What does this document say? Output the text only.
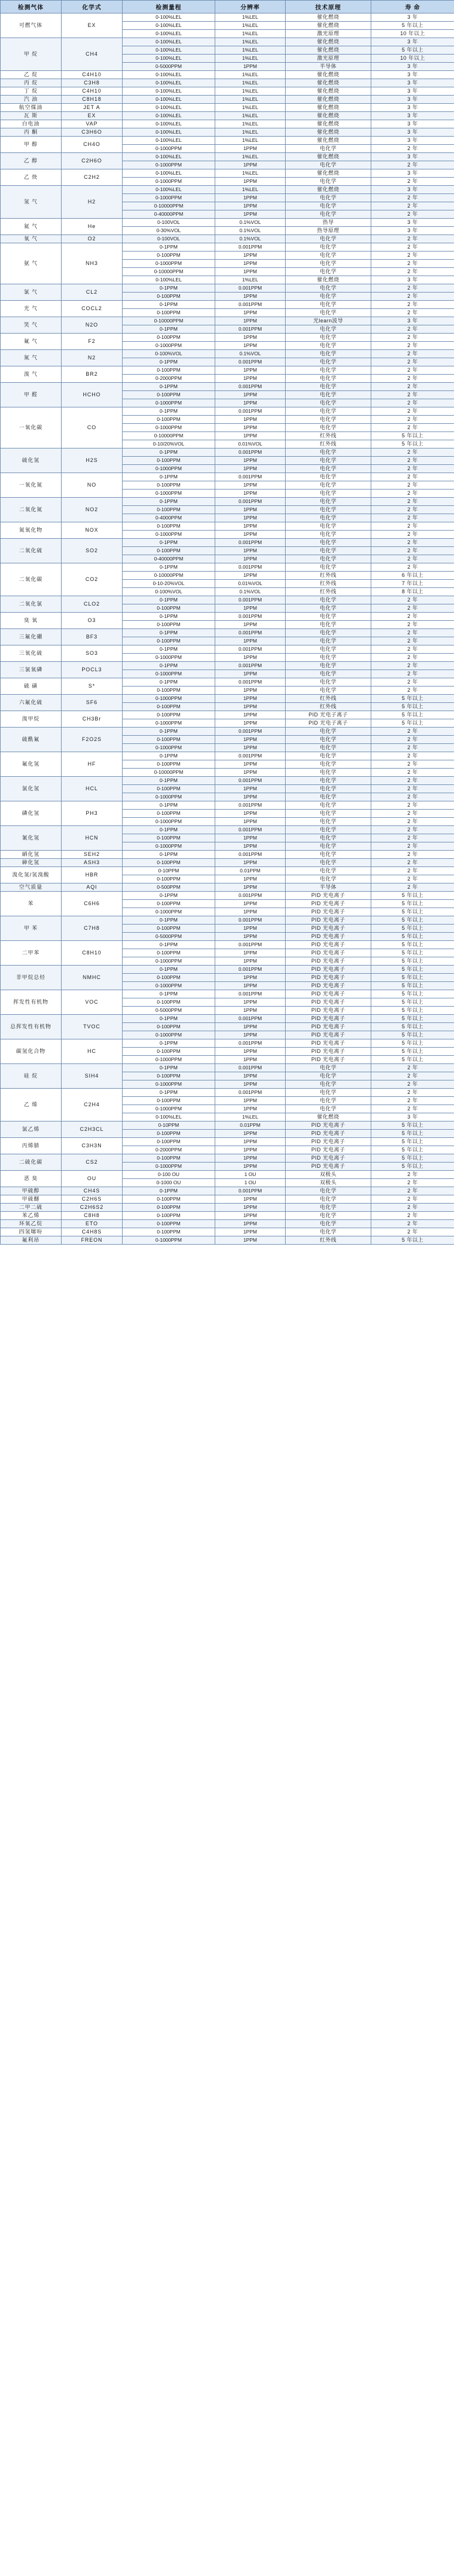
检测气体	化学式	检测量程	分辨率	技术原理	寿 命
可燃气体	EX	0-100%LEL	1%LEL	催化燃烧	3 年
		0-100%LEL	1%LEL	催化燃烧	5 年以上
		0-100%LEL	1%LEL	激光原理	10 年以上
甲 烷	CH4	0-100%LEL	1%LEL	催化燃烧	3 年
		0-100%LEL	1%LEL	催化燃烧	5 年以上
		0-100%LEL	1%LEL	激光原理	10 年以上
		0-5000PPM	1PPM	半导体	3 年
乙 烷	C4H10	0-100%LEL	1%LEL	催化燃烧	3 年
丙 烷	C3H8	0-100%LEL	1%LEL	催化燃烧	3 年
丁 烷	C4H10	0-100%LEL	1%LEL	催化燃烧	3 年
汽 油	C8H18	0-100%LEL	1%LEL	催化燃烧	3 年
航空煤油	JET A	0-100%LEL	1%LEL	催化燃烧	3 年
瓦 斯	EX	0-100%LEL	1%LEL	催化燃烧	3 年
白电油	VAP	0-100%LEL	1%LEL	催化燃烧	3 年
丙 酮	C3H6O	0-100%LEL	1%LEL	催化燃烧	3 年
甲 醇	CH4O	0-100%LEL	1%LEL	催化燃烧	3 年
		0-1000PPM	1PPM	电化学	2 年
乙 醇	C2H6O	0-100%LEL	1%LEL	催化燃烧	3 年
		0-1000PPM	1PPM	电化学	2 年
乙 炔	C2H2	0-100%LEL	1%LEL	催化燃烧	3 年
		0-1000PPM	1PPM	电化学	2 年
氢 气	H2	0-100%LEL	1%LEL	催化燃烧	3 年
		0-1000PPM	1PPM	电化学	2 年
		0-10000PPM	1PPM	电化学	2 年
		0-40000PPM	1PPM	电化学	2 年
氦 气	He	0-100VOL	0.1%VOL	热导	3 年
		0-30%VOL	0.1%VOL	热导原理	3 年
氧 气	O2	0-100VOL	0.1%VOL	电化学	2 年
氨 气	NH3	0-1PPM	0.001PPM	电化学	2 年
		0-100PPM	1PPM	电化学	2 年
		0-1000PPM	1PPM	电化学	2 年
		0-10000PPM	1PPM	电化学	2 年
		0-100%LEL	1%LEL	催化燃烧	3 年
氯 气	CL2	0-1PPM	0.001PPM	电化学	2 年
		0-100PPM	1PPM	电化学	2 年
光 气	COCL2	0-1PPM	0.001PPM	电化学	2 年
		0-100PPM	1PPM	电化学	2 年
笑 气	N2O	0-10000PPM	1PPM	光learn波导	3 年
		0-1PPM	0.001PPM	电化学	2 年
氟 气	F2	0-100PPM	1PPM	电化学	2 年
		0-1000PPM	1PPM	电化学	2 年
氮 气	N2	0-100%VOL	0.1%VOL	电化学	2 年
		0-1PPM	0.001PPM	电化学	2 年
溴 气	BR2	0-100PPM	1PPM	电化学	2 年
		0-2000PPM	1PPM	电化学	2 年
甲 醛	HCHO	0-1PPM	0.001PPM	电化学	2 年
		0-100PPM	1PPM	电化学	2 年
		0-1000PPM	1PPM	电化学	2 年
一氧化碳	CO	0-1PPM	0.001PPM	电化学	2 年
		0-100PPM	1PPM	电化学	2 年
		0-1000PPM	1PPM	电化学	2 年
		0-10000PPM	1PPM	红外线	5 年以上
		0-10/20%VOL	0.01%VOL	红外线	5 年以上
硫化氢	H2S	0-1PPM	0.001PPM	电化学	2 年
		0-100PPM	1PPM	电化学	2 年
		0-1000PPM	1PPM	电化学	2 年
一氧化氮	NO	0-1PPM	0.001PPM	电化学	2 年
		0-100PPM	1PPM	电化学	2 年
		0-1000PPM	1PPM	电化学	2 年
二氧化氮	NO2	0-1PPM	0.001PPM	电化学	2 年
		0-100PPM	1PPM	电化学	2 年
		0-4000PPM	1PPM	电化学	2 年
氮氧化物	NOX	0-100PPM	1PPM	电化学	2 年
		0-1000PPM	1PPM	电化学	2 年
二氧化硫	SO2	0-1PPM	0.001PPM	电化学	2 年
		0-100PPM	1PPM	电化学	2 年
		0-40000PPM	1PPM	电化学	2 年
二氧化碳	CO2	0-1PPM	0.001PPM	电化学	2 年
		0-10000PPM	1PPM	红外线	6 年以上
		0-10-20%VOL	0.01%VOL	红外线	7 年以上
		0-100%VOL	0.1%VOL	红外线	8 年以上
二氧化氯	CLO2	0-1PPM	0.001PPM	电化学	2 年
		0-100PPM	1PPM	电化学	2 年
臭 氧	O3	0-1PPM	0.001PPM	电化学	2 年
		0-100PPM	1PPM	电化学	2 年
三氟化硼	BF3	0-1PPM	0.001PPM	电化学	2 年
		0-100PPM	1PPM	电化学	2 年
三氧化硫	SO3	0-1PPM	0.001PPM	电化学	2 年
		0-1000PPM	1PPM	电化学	2 年
三氯氧磷	POCL3	0-1PPM	0.001PPM	电化学	2 年
		0-1000PPM	1PPM	电化学	2 年
硫 磺	S*	0-1PPM	0.001PPM	电化学	2 年
		0-100PPM	1PPM	电化学	2 年
六氟化硫	SF6	0-1000PPM	1PPM	红外线	5 年以上
		0-100PPM	1PPM	红外线	5 年以上
溴甲烷	CH3Br	0-100PPM	1PPM	PID 光电子离子	5 年以上
		0-1000PPM	1PPM	PID 光电子离子	5 年以上
硫酰氟	F2O2S	0-1PPM	0.001PPM	电化学	2 年
		0-100PPM	1PPM	电化学	2 年
		0-1000PPM	1PPM	电化学	2 年
氟化氢	HF	0-1PPM	0.001PPM	电化学	2 年
		0-100PPM	1PPM	电化学	2 年
		0-10000PPM	1PPM	电化学	2 年
氯化氢	HCL	0-1PPM	0.001PPM	电化学	2 年
		0-100PPM	1PPM	电化学	2 年
		0-1000PPM	1PPM	电化学	2 年
磷化氢	PH3	0-1PPM	0.001PPM	电化学	2 年
		0-100PPM	1PPM	电化学	2 年
		0-1000PPM	1PPM	电化学	2 年
氰化氢	HCN	0-1PPM	0.001PPM	电化学	2 年
		0-100PPM	1PPM	电化学	2 年
		0-1000PPM	1PPM	电化学	2 年
硒化氢	SEH2	0-1PPM	0.001PPM	电化学	2 年
砷化氢	ASH3	0-100PPM	1PPM	电化学	2 年
溴化氢/氢溴酸	HBR	0-10PPM	0.01PPM	电化学	2 年
		0-100PPM	1PPM	电化学	2 年
空气质量	AQI	0-500PPM	1PPM	半导体	2 年
苯	C6H6	0-1PPM	0.001PPM	PID 光电离子	5 年以上
		0-100PPM	1PPM	PID 光电离子	5 年以上
		0-1000PPM	1PPM	PID 光电离子	5 年以上
甲 苯	C7H8	0-1PPM	0.001PPM	PID 光电离子	5 年以上
		0-100PPM	1PPM	PID 光电离子	5 年以上
		0-5000PPM	1PPM	PID 光电离子	5 年以上
二甲苯	C8H10	0-1PPM	0.001PPM	PID 光电离子	5 年以上
		0-100PPM	1PPM	PID 光电离子	5 年以上
		0-1000PPM	1PPM	PID 光电离子	5 年以上
非甲烷总烃	NMHC	0-1PPM	0.001PPM	PID 光电离子	5 年以上
		0-100PPM	1PPM	PID 光电离子	5 年以上
		0-1000PPM	1PPM	PID 光电离子	5 年以上
挥发性有机物	VOC	0-1PPM	0.001PPM	PID 光电离子	5 年以上
		0-100PPM	1PPM	PID 光电离子	5 年以上
		0-5000PPM	1PPM	PID 光电离子	5 年以上
总挥发性有机物	TVOC	0-1PPM	0.001PPM	PID 光电离子	5 年以上
		0-100PPM	1PPM	PID 光电离子	5 年以上
		0-1000PPM	1PPM	PID 光电离子	5 年以上
碳氢化合物	HC	0-1PPM	0.001PPM	PID 光电离子	5 年以上
		0-100PPM	1PPM	PID 光电离子	5 年以上
		0-1000PPM	1PPM	PID 光电离子	5 年以上
硅 烷	SIH4	0-1PPM	0.001PPM	电化学	2 年
		0-100PPM	1PPM	电化学	2 年
		0-1000PPM	1PPM	电化学	2 年
乙 烯	C2H4	0-1PPM	0.001PPM	电化学	2 年
		0-100PPM	1PPM	电化学	2 年
		0-1000PPM	1PPM	电化学	2 年
		0-100%LEL	1%LEL	催化燃烧	3 年
氯乙烯	C2H3CL	0-10PPM	0.01PPM	PID 光电离子	5 年以上
		0-100PPM	1PPM	PID 光电离子	5 年以上
丙烯腈	C3H3N	0-100PPM	1PPM	PID 光电离子	5 年以上
		0-2000PPM	1PPM	PID 光电离子	5 年以上
二硫化碳	CS2	0-100PPM	1PPM	PID 光电离子	5 年以上
		0-1000PPM	1PPM	PID 光电离子	5 年以上
恶 臭	OU	0-100 OU	1 OU	双极头	2 年
		0-1000 OU	1 OU	双极头	2 年
甲硫醇	CH4S	0-1PPM	0.001PPM	电化学	2 年
甲硫醚	C2H6S	0-100PPM	1PPM	电化学	2 年
二甲二硫	C2H6S2	0-100PPM	1PPM	电化学	2 年
苯乙烯	C8H8	0-100PPM	1PPM	电化学	2 年
环氧乙烷	ETO	0-100PPM	1PPM	电化学	2 年
四氢噻吩	C4H8S	0-100PPM	1PPM	电化学	2 年
氟利昂	FREON	0-1000PPM	1PPM	红外线	5 年以上
